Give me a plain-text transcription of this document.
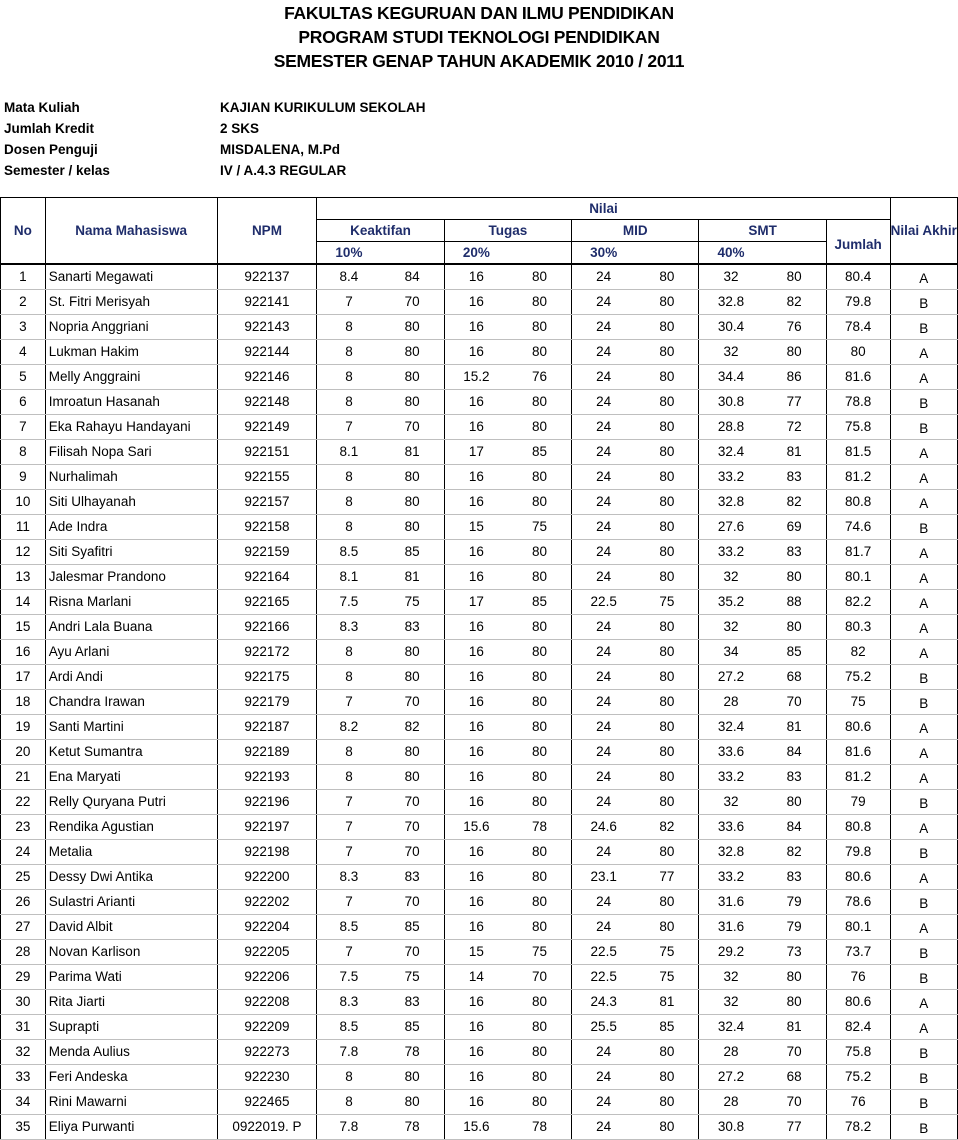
FAKULTAS KEGURUAN DAN ILMU PENDIDIKAN
PROGRAM STUDI TEKNOLOGI PENDIDIKAN
SEMESTER GENAP TAHUN AKADEMIK 2010 / 2011
Mata Kuliah	KAJIAN KURIKULUM SEKOLAH
Jumlah Kredit	2 SKS
Dosen Penguji	MISDALENA, M.Pd
Semester / kelas	IV / A.4.3 REGULAR
No	Nama Mahasiswa	NPM	Nilai									Nilai Akhir
			Keaktifan		Tugas		MID		SMT		Jumlah	
			10%		20%		30%		40%			
1	Sanarti Megawati	922137	8.4	84	16	80	24	80	32	80	80.4	A
2	St. Fitri Merisyah	922141	7	70	16	80	24	80	32.8	82	79.8	B
3	Nopria Anggriani	922143	8	80	16	80	24	80	30.4	76	78.4	B
4	Lukman Hakim	922144	8	80	16	80	24	80	32	80	80	A
5	Melly Anggraini	922146	8	80	15.2	76	24	80	34.4	86	81.6	A
6	Imroatun Hasanah	922148	8	80	16	80	24	80	30.8	77	78.8	B
7	Eka Rahayu Handayani	922149	7	70	16	80	24	80	28.8	72	75.8	B
8	Filisah Nopa Sari	922151	8.1	81	17	85	24	80	32.4	81	81.5	A
9	Nurhalimah	922155	8	80	16	80	24	80	33.2	83	81.2	A
10	Siti Ulhayanah	922157	8	80	16	80	24	80	32.8	82	80.8	A
11	Ade Indra	922158	8	80	15	75	24	80	27.6	69	74.6	B
12	Siti Syafitri	922159	8.5	85	16	80	24	80	33.2	83	81.7	A
13	Jalesmar Prandono	922164	8.1	81	16	80	24	80	32	80	80.1	A
14	Risna Marlani	922165	7.5	75	17	85	22.5	75	35.2	88	82.2	A
15	Andri Lala Buana	922166	8.3	83	16	80	24	80	32	80	80.3	A
16	Ayu Arlani	922172	8	80	16	80	24	80	34	85	82	A
17	Ardi Andi	922175	8	80	16	80	24	80	27.2	68	75.2	B
18	Chandra Irawan	922179	7	70	16	80	24	80	28	70	75	B
19	Santi Martini	922187	8.2	82	16	80	24	80	32.4	81	80.6	A
20	Ketut Sumantra	922189	8	80	16	80	24	80	33.6	84	81.6	A
21	Ena Maryati	922193	8	80	16	80	24	80	33.2	83	81.2	A
22	Relly Quryana Putri	922196	7	70	16	80	24	80	32	80	79	B
23	Rendika Agustian	922197	7	70	15.6	78	24.6	82	33.6	84	80.8	A
24	Metalia	922198	7	70	16	80	24	80	32.8	82	79.8	B
25	Dessy Dwi Antika	922200	8.3	83	16	80	23.1	77	33.2	83	80.6	A
26	Sulastri Arianti	922202	7	70	16	80	24	80	31.6	79	78.6	B
27	David Albit	922204	8.5	85	16	80	24	80	31.6	79	80.1	A
28	Novan Karlison	922205	7	70	15	75	22.5	75	29.2	73	73.7	B
29	Parima Wati	922206	7.5	75	14	70	22.5	75	32	80	76	B
30	Rita Jiarti	922208	8.3	83	16	80	24.3	81	32	80	80.6	A
31	Suprapti	922209	8.5	85	16	80	25.5	85	32.4	81	82.4	A
32	Menda Aulius	922273	7.8	78	16	80	24	80	28	70	75.8	B
33	Feri Andeska	922230	8	80	16	80	24	80	27.2	68	75.2	B
34	Rini Mawarni	922465	8	80	16	80	24	80	28	70	76	B
35	Eliya Purwanti	0922019. P	7.8	78	15.6	78	24	80	30.8	77	78.2	B
